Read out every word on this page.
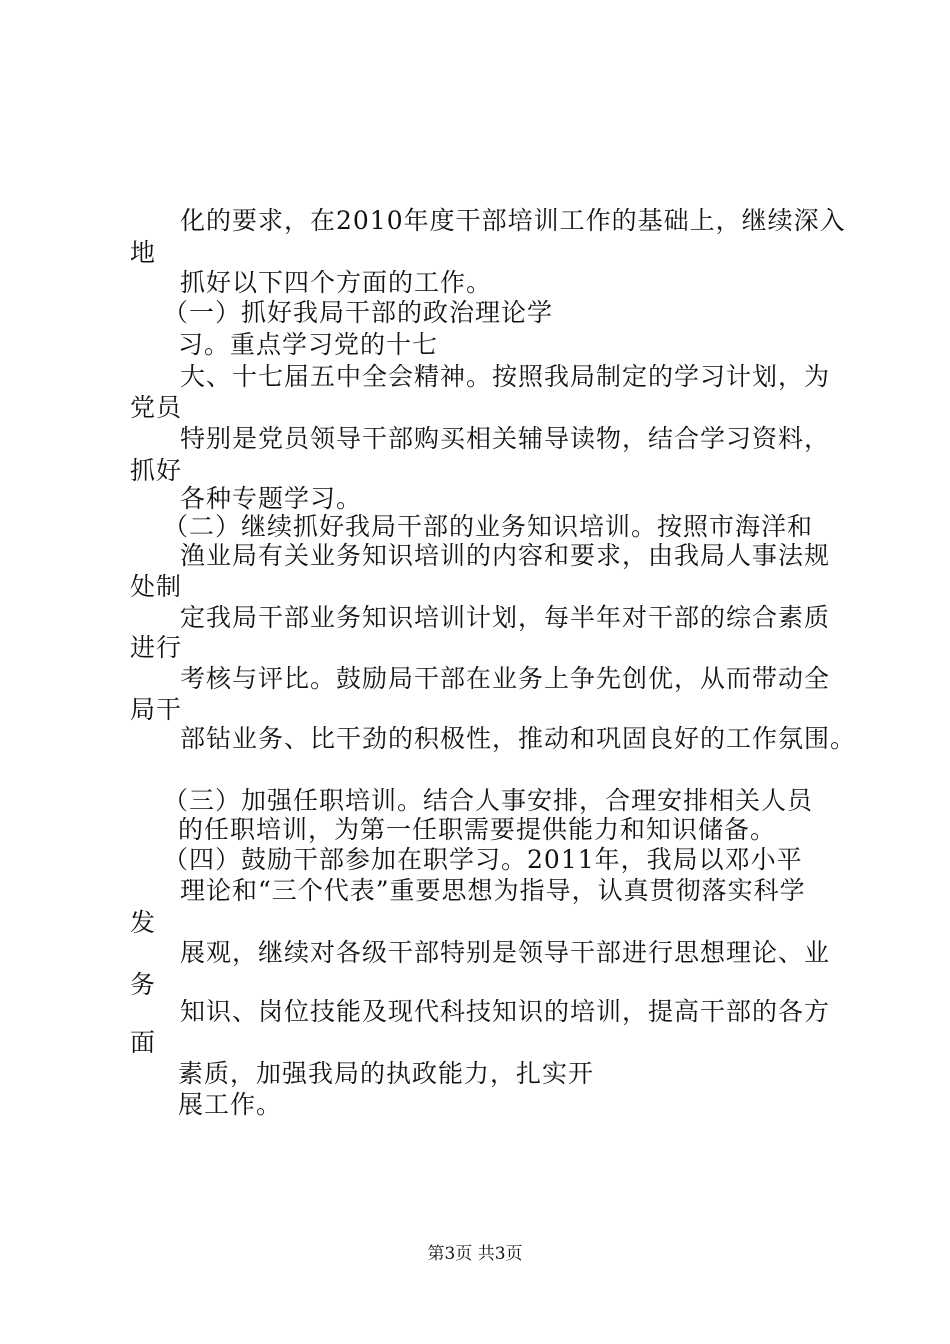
化的要求，在2010年度干部培训工作的基础上，继续深入
地
抓好以下四个方面的工作。
（一）抓好我局干部的政治理论学
习。重点学习党的十七
大、十七届五中全会精神。按照我局制定的学习计划，为
党员
特别是党员领导干部购买相关辅导读物，结合学习资料，
抓好
各种专题学习。
（二）继续抓好我局干部的业务知识培训。按照市海洋和
渔业局有关业务知识培训的内容和要求，由我局人事法规
处制
定我局干部业务知识培训计划，每半年对干部的综合素质
进行
考核与评比。鼓励局干部在业务上争先创优，从而带动全
局干
部钻业务、比干劲的积极性，推动和巩固良好的工作氛围。
（三）加强任职培训。结合人事安排，合理安排相关人员
的任职培训，为第一任职需要提供能力和知识储备。
（四）鼓励干部参加在职学习。2011年，我局以邓小平
理论和“三个代表”重要思想为指导，认真贯彻落实科学
发
展观，继续对各级干部特别是领导干部进行思想理论、业
务
知识、岗位技能及现代科技知识的培训，提高干部的各方
面
素质，加强我局的执政能力，扎实开
展工作。
第3页 共3页
